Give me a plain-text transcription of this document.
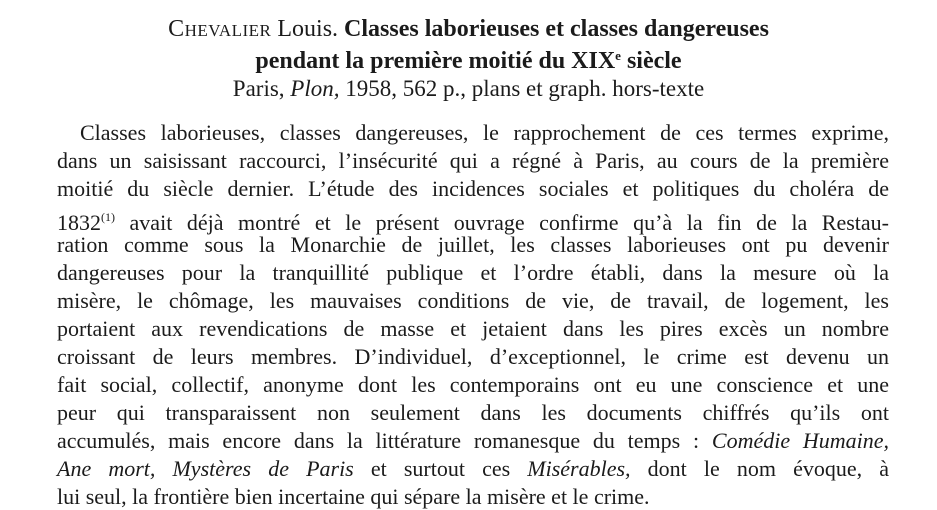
Chevalier Louis. Classes laborieuses et classes dangereuses
pendant la première moitié du XIXe siècle
Paris, Plon, 1958, 562 p., plans et graph. hors-texte
Classes laborieuses, classes dangereuses, le rapprochement de ces termes exprime,
dans un saisissant raccourci, l’insécurité qui a régné à Paris, au cours de la première
moitié du siècle dernier. L’étude des incidences sociales et politiques du choléra de
1832$^{(1)}$ avait déjà montré et le présent ouvrage confirme qu’à la fin de la Restau-
ration comme sous la Monarchie de juillet, les classes laborieuses ont pu devenir
dangereuses pour la tranquillité publique et l’ordre établi, dans la mesure où la
misère, le chômage, les mauvaises conditions de vie, de travail, de logement, les
portaient aux revendications de masse et jetaient dans les pires excès un nombre
croissant de leurs membres. D’individuel, d’exceptionnel, le crime est devenu un
fait social, collectif, anonyme dont les contemporains ont eu une conscience et une
peur qui transparaissent non seulement dans les documents chiffrés qu’ils ont
accumulés, mais encore dans la littérature romanesque du temps : Comédie Humaine,
Ane mort, Mystères de Paris et surtout ces Misérables, dont le nom évoque, à
lui seul, la frontière bien incertaine qui sépare la misère et le crime.
